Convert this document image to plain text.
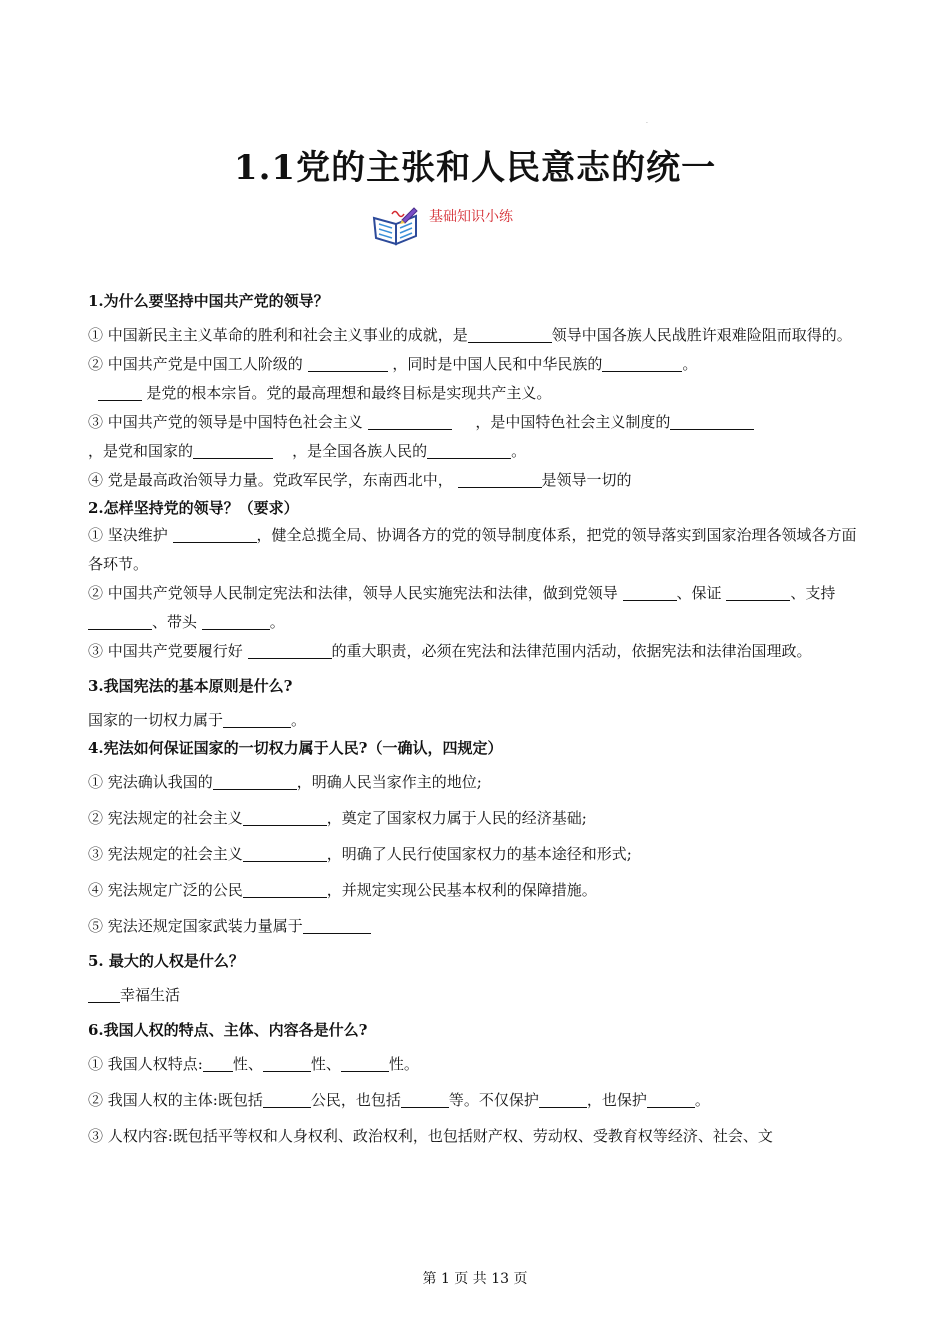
.
1.1党的主张和人民意志的统一
基础知识小练
1.为什么要坚持中国共产党的领导？

① 中国新民主主义革命的胜利和社会主义事业的成就，是	领导中国各族人民战胜许艰难险阻而取得的。

② 中国共产党是中国工人阶级的	，同时是中国人民和中华民族的	。

是党的根本宗旨。党的最高理想和最终目标是实现共产主义。

③ 中国共产党的领导是中国特色社会主义	，是中国特色社会主义制度的

，是党和国家的	，是全国各族人民的	。

④ 党是最高政治领导力量。党政军民学，东南西北中，	是领导一切的

2.怎样坚持党的领导？（要求）

① 坚决维护	，健全总揽全局、协调各方的党的领导制度体系，把党的领导落实到国家治理各领域各方面各环节。

② 中国共产党领导人民制定宪法和法律，领导人民实施宪法和法律，做到党领导	、保证	、支持 、带头	。

③ 中国共产党要履行好	的重大职责，必须在宪法和法律范围内活动，依据宪法和法律治国理政。

3.我国宪法的基本原则是什么?

国家的一切权力属于	。

4.宪法如何保证国家的一切权力属于人民?（一确认，四规定）

① 宪法确认我国的	，明确人民当家作主的地位;

② 宪法规定的社会主义	，奠定了国家权力属于人民的经济基础;

③ 宪法规定的社会主义	，明确了人民行使国家权力的基本途径和形式;

④ 宪法规定广泛的公民	，并规定实现公民基本权利的保障措施。

⑤ 宪法还规定国家武装力量属于

5. 最大的人权是什么？

幸福生活

6.我国人权的特点、主体、内容各是什么?

① 我国人权特点: 性、	性、	性。

② 我国人权的主体:既包括	公民，也包括	等。不仅保护	，也保护	。

③ 人权内容:既包括平等权和人身权利、政治权利，也包括财产权、劳动权、受教育权等经济、社会、文

第 1 页 共 13 页
